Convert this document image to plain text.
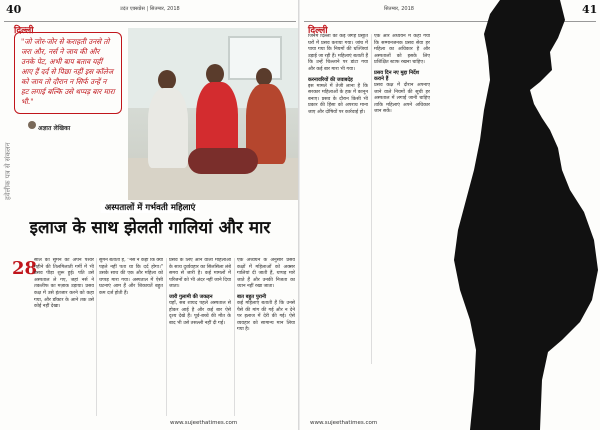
40	उदंत एक्सप्रेस | सितम्बर, 2018
दिल्ली
हवेलीक पत्र से संकलन
"जो जोर-जोर से कराहती उनसे तो जरा और, नर्स ने जाय की और उनके पेट, अभी बाप बताव यहीं आए हैं दर्द से पिछा नहीं इस कॉलेज को जाय तो दौरान न सिर्फ उन्हें न हट लगाई बल्कि उसे थप्पड़ बार मारा भी."
अज्ञात लेखिका
अस्पतालों में गर्भवती महिलाएं
इलाज के साथ झेलती गालियां और मार
28
साल की सुमन को अपने पेश्वर महीने की तिलमिलाती गर्मी में भी प्रसव पीड़ा शुरू हुई। पति उसे अस्पताल ले गए, जहां नर्स ने तकलीफ का मज़ाक उड़ाया। प्रसव कक्ष में उसे इंतजार करने को कहा गया, और डॉक्टर के आने तक उसे कोई नहीं देखा।
सुमन बताती है, "नर्स ने कहा कि क्या पहले नहीं पता था कि दर्द होगा।" उसके साथ की एक और महिला को थप्पड़ मारा गया। अस्पताल में ऐसी घटनाएं आम हैं और शिकायतें बहुत कम दर्ज होती हैं।
प्रसव के लिए आने वाली महिलाओं के साथ दुर्व्यवहार का सिलसिला लंबे समय से जारी है। कई मामलों में परिजनों को भी अंदर नहीं जाने दिया जाता।
जारी गुलामी की जकड़न
यहाँ, सब शायद पहले अस्पताल से होकर आई है और कई बार ऐसे दृश्य देखे हैं। पूर्व-बच्चे की मौत के बाद भी उसे तसल्ली नहीं दी गई।
एक अध्ययन के अनुसार प्रसव कक्षों में महिलाओं को अक्सर गालियां दी जाती हैं, थप्पड़ मारे जाते हैं और उनकी निजता का ध्यान नहीं रखा जाता।
बात बहुत पुरानी
कई महिलाएं बताती हैं कि उनसे पैसे की मांग की गई और न देने पर इलाज में देरी की गई। ऐसे व्यवहार को सामान्य मान लिया गया है।
www.sujeethatimes.com
सितम्बर, 2018	41
दिल्ली
जिनमें दिल्ली की कई जगह प्रसूति घरों में प्रसव कराया गया। जांच में पाया गया कि नियमों की धज्जियां उड़ाई जा रही हैं। महिलाएं बताती हैं कि उन्हें चिल्लाने पर डांटा गया और कई बार मारा भी गया।
करनावरियों की जवाबदेह
इस मामले में तेजी लाना है कि सरकार महिलाओं के हक में कानून बनाए। प्रसव के दौरान किसी भी प्रकार की हिंसा को अपराध माना जाए और दोषियों पर कार्रवाई हो।
एक और अध्ययन में कहा गया कि सम्मानजनक प्रसव सेवा हर महिला का अधिकार है और अस्पतालों को इसके लिए प्रशिक्षित स्टाफ रखना चाहिए।
प्रसव दिन नए मुद्दा निर्देश कराने हैं
प्रसव कक्ष में दौरान अपनाए जाने वाले नियमों की सूची हर अस्पताल में लगाई जानी चाहिए ताकि महिलाएं अपने अधिकार जान सकें।
www.sujeethatimes.com
